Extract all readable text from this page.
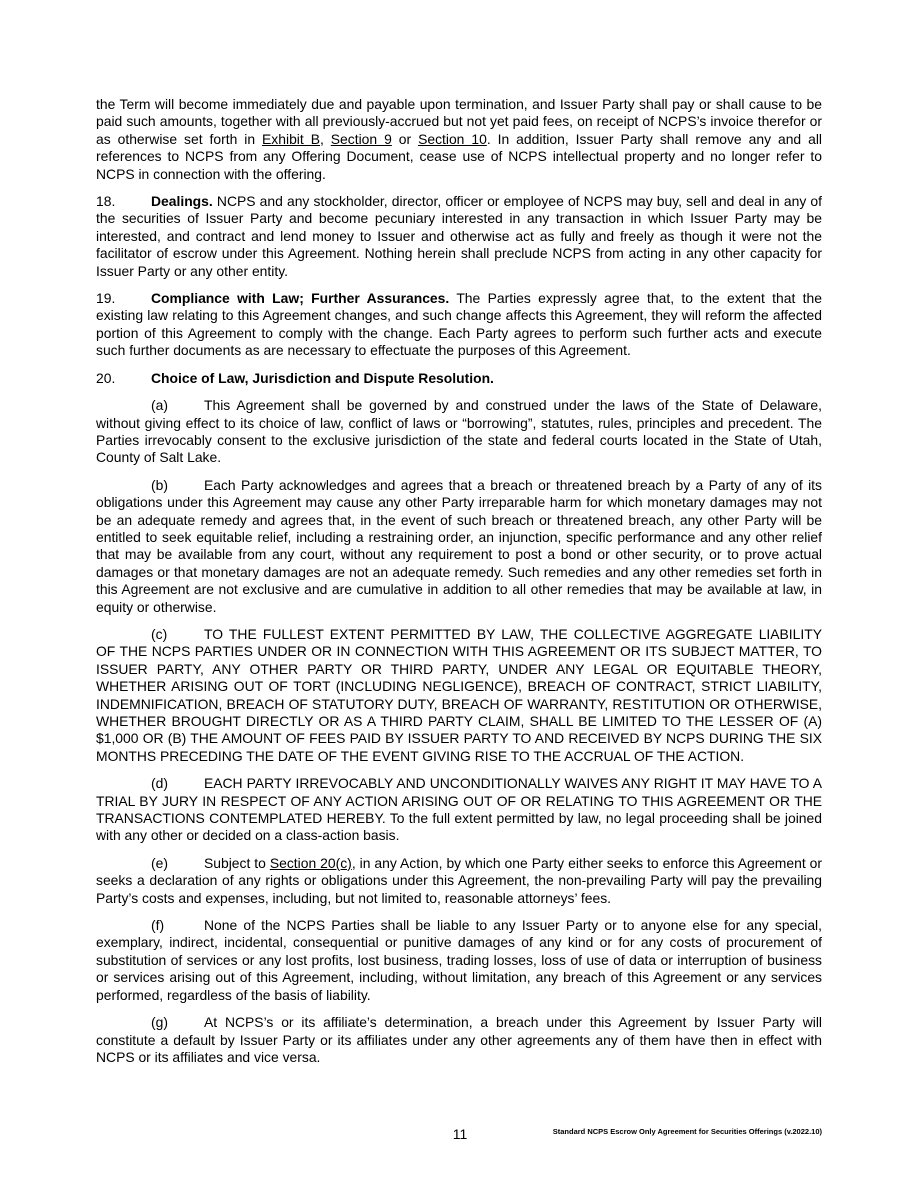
the Term will become immediately due and payable upon termination, and Issuer Party shall pay or shall cause to be paid such amounts, together with all previously-accrued but not yet paid fees, on receipt of NCPS’s invoice therefor or as otherwise set forth in Exhibit B, Section 9 or Section 10. In addition, Issuer Party shall remove any and all references to NCPS from any Offering Document, cease use of NCPS intellectual property and no longer refer to NCPS in connection with the offering.

18.	Dealings. NCPS and any stockholder, director, officer or employee of NCPS may buy, sell and deal in any of the securities of Issuer Party and become pecuniary interested in any transaction in which Issuer Party may be interested, and contract and lend money to Issuer and otherwise act as fully and freely as though it were not the facilitator of escrow under this Agreement. Nothing herein shall preclude NCPS from acting in any other capacity for Issuer Party or any other entity.

19.	Compliance with Law; Further Assurances. The Parties expressly agree that, to the extent that the existing law relating to this Agreement changes, and such change affects this Agreement, they will reform the affected portion of this Agreement to comply with the change. Each Party agrees to perform such further acts and execute such further documents as are necessary to effectuate the purposes of this Agreement.

20.	Choice of Law, Jurisdiction and Dispute Resolution.

(a)	This Agreement shall be governed by and construed under the laws of the State of Delaware, without giving effect to its choice of law, conflict of laws or “borrowing”, statutes, rules, principles and precedent. The Parties irrevocably consent to the exclusive jurisdiction of the state and federal courts located in the State of Utah, County of Salt Lake.

(b)	Each Party acknowledges and agrees that a breach or threatened breach by a Party of any of its obligations under this Agreement may cause any other Party irreparable harm for which monetary damages may not be an adequate remedy and agrees that, in the event of such breach or threatened breach, any other Party will be entitled to seek equitable relief, including a restraining order, an injunction, specific performance and any other relief that may be available from any court, without any requirement to post a bond or other security, or to prove actual damages or that monetary damages are not an adequate remedy. Such remedies and any other remedies set forth in this Agreement are not exclusive and are cumulative in addition to all other remedies that may be available at law, in equity or otherwise.

(c)	TO THE FULLEST EXTENT PERMITTED BY LAW, THE COLLECTIVE AGGREGATE LIABILITY OF THE NCPS PARTIES UNDER OR IN CONNECTION WITH THIS AGREEMENT OR ITS SUBJECT MATTER, TO ISSUER PARTY, ANY OTHER PARTY OR THIRD PARTY, UNDER ANY LEGAL OR EQUITABLE THEORY, WHETHER ARISING OUT OF TORT (INCLUDING NEGLIGENCE), BREACH OF CONTRACT, STRICT LIABILITY, INDEMNIFICATION, BREACH OF STATUTORY DUTY, BREACH OF WARRANTY, RESTITUTION OR OTHERWISE, WHETHER BROUGHT DIRECTLY OR AS A THIRD PARTY CLAIM, SHALL BE LIMITED TO THE LESSER OF (A) $1,000 OR (B) THE AMOUNT OF FEES PAID BY ISSUER PARTY TO AND RECEIVED BY NCPS DURING THE SIX MONTHS PRECEDING THE DATE OF THE EVENT GIVING RISE TO THE ACCRUAL OF THE ACTION.

(d)	EACH PARTY IRREVOCABLY AND UNCONDITIONALLY WAIVES ANY RIGHT IT MAY HAVE TO A TRIAL BY JURY IN RESPECT OF ANY ACTION ARISING OUT OF OR RELATING TO THIS AGREEMENT OR THE TRANSACTIONS CONTEMPLATED HEREBY. To the full extent permitted by law, no legal proceeding shall be joined with any other or decided on a class-action basis.

(e)	Subject to Section 20(c), in any Action, by which one Party either seeks to enforce this Agreement or seeks a declaration of any rights or obligations under this Agreement, the non-prevailing Party will pay the prevailing Party’s costs and expenses, including, but not limited to, reasonable attorneys’ fees.

(f)	None of the NCPS Parties shall be liable to any Issuer Party or to anyone else for any special, exemplary, indirect, incidental, consequential or punitive damages of any kind or for any costs of procurement of substitution of services or any lost profits, lost business, trading losses, loss of use of data or interruption of business or services arising out of this Agreement, including, without limitation, any breach of this Agreement or any services performed, regardless of the basis of liability.

(g)	At NCPS’s or its affiliate’s determination, a breach under this Agreement by Issuer Party will constitute a default by Issuer Party or its affiliates under any other agreements any of them have then in effect with NCPS or its affiliates and vice versa.

11	Standard NCPS Escrow Only Agreement for Securities Offerings (v.2022.10)
